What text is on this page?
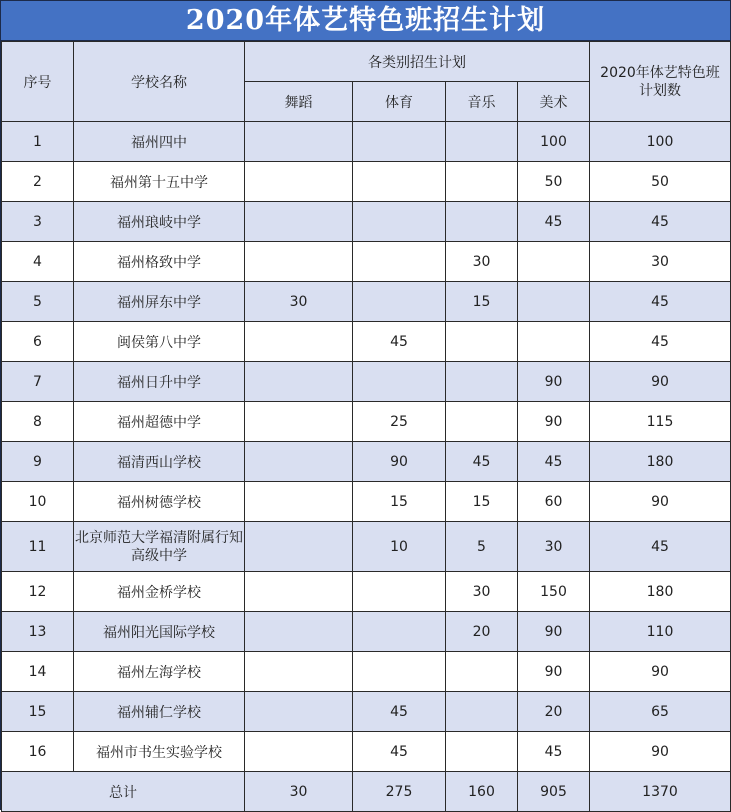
2020年体艺特色班招生计划
序号	学校名称	各类别招生计划				2020年体艺特色班计划数
		舞蹈	体育	音乐	美术	
1	福州四中				100	100
2	福州第十五中学				50	50
3	福州琅岐中学				45	45
4	福州格致中学			30		30
5	福州屏东中学	30		15		45
6	闽侯第八中学		45			45
7	福州日升中学				90	90
8	福州超德中学		25		90	115
9	福清西山学校		90	45	45	180
10	福州树德学校		15	15	60	90
11	北京师范大学福清附属行知高级中学		10	5	30	45
12	福州金桥学校			30	150	180
13	福州阳光国际学校			20	90	110
14	福州左海学校				90	90
15	福州辅仁学校		45		20	65
16	福州市书生实验学校		45		45	90
总计		30	275	160	905	1370
